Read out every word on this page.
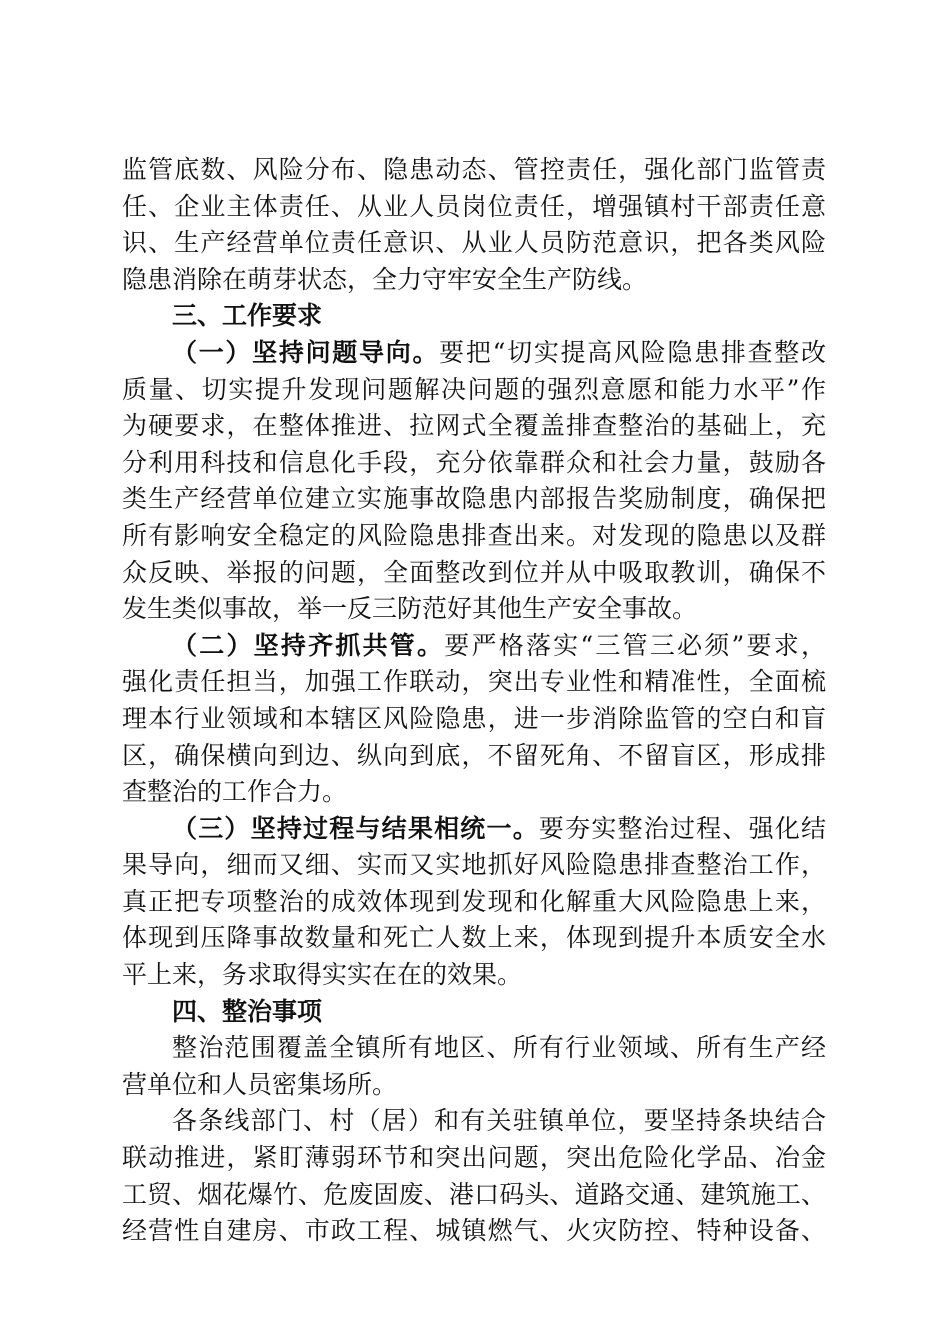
监管底数、风险分布、隐患动态、管控责任，强化部门监管责
任、企业主体责任、从业人员岗位责任，增强镇村干部责任意
识、生产经营单位责任意识、从业人员防范意识，把各类风险
隐患消除在萌芽状态，全力守牢安全生产防线。
三、工作要求
（一）坚持问题导向。要把“切实提高风险隐患排查整改
质量、切实提升发现问题解决问题的强烈意愿和能力水平”作
为硬要求，在整体推进、拉网式全覆盖排查整治的基础上，充
分利用科技和信息化手段，充分依靠群众和社会力量，鼓励各
类生产经营单位建立实施事故隐患内部报告奖励制度，确保把
所有影响安全稳定的风险隐患排查出来。对发现的隐患以及群
众反映、举报的问题，全面整改到位并从中吸取教训，确保不
发生类似事故，举一反三防范好其他生产安全事故。
（二）坚持齐抓共管。要严格落实“三管三必须”要求，
强化责任担当，加强工作联动，突出专业性和精准性，全面梳
理本行业领域和本辖区风险隐患，进一步消除监管的空白和盲
区，确保横向到边、纵向到底，不留死角、不留盲区，形成排
查整治的工作合力。
（三）坚持过程与结果相统一。要夯实整治过程、强化结
果导向，细而又细、实而又实地抓好风险隐患排查整治工作，
真正把专项整治的成效体现到发现和化解重大风险隐患上来，
体现到压降事故数量和死亡人数上来，体现到提升本质安全水
平上来，务求取得实实在在的效果。
四、整治事项
整治范围覆盖全镇所有地区、所有行业领域、所有生产经
营单位和人员密集场所。
各条线部门、村（居）和有关驻镇单位，要坚持条块结合
联动推进，紧盯薄弱环节和突出问题，突出危险化学品、冶金
工贸、烟花爆竹、危废固废、港口码头、道路交通、建筑施工、
经营性自建房、市政工程、城镇燃气、火灾防控、特种设备、
